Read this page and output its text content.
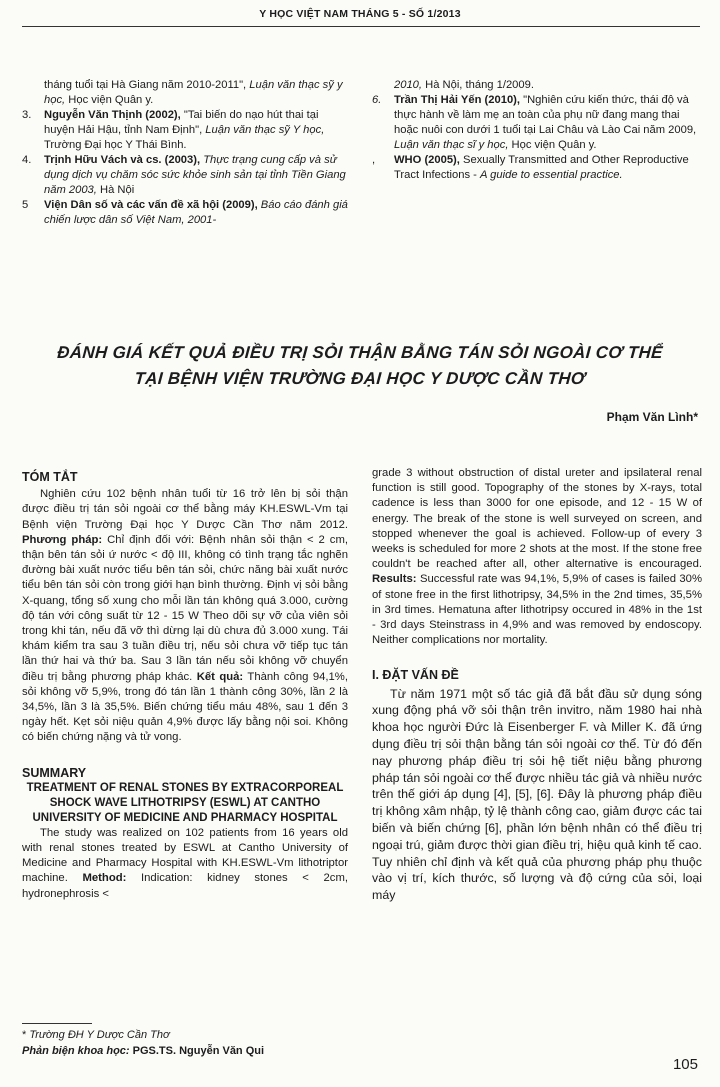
Y HỌC VIỆT NAM THÁNG 5 - SỐ 1/2013
tháng tuổi tại Hà Giang năm 2010-2011", Luận văn thạc sỹ y học, Học viện Quân y.
3. Nguyễn Văn Thịnh (2002), "Tai biến do nạo hút thai tại huyện Hải Hậu, tỉnh Nam Định", Luận văn thạc sỹ Y học, Trường Đại học Y Thái Bình.
4. Trịnh Hữu Vách và cs. (2003), Thực trạng cung cấp và sử dụng dịch vụ chăm sóc sức khỏe sinh sản tại tỉnh Tiền Giang năm 2003, Hà Nội
5 Viện Dân số và các vấn đề xã hội (2009), Báo cáo đánh giá chiến lược dân số Việt Nam, 2001-
2010, Hà Nội, tháng 1/2009.
6. Trần Thị Hải Yến (2010), "Nghiên cứu kiến thức, thái độ và thực hành về làm mẹ an toàn của phụ nữ đang mang thai hoặc nuôi con dưới 1 tuổi tại Lai Châu và Lào Cai năm 2009, Luận văn thạc sĩ y học, Học viện Quân y.
, WHO (2005), Sexually Transmitted and Other Reproductive Tract Infections - A guide to essential practice.
ĐÁNH GIÁ KẾT QUẢ ĐIỀU TRỊ SỎI THẬN BẰNG TÁN SỎI NGOÀI CƠ THỂ
TẠI BỆNH VIỆN TRƯỜNG ĐẠI HỌC Y DƯỢC CẦN THƠ
Phạm Văn Lình*
TÓM TẮT

Nghiên cứu 102 bệnh nhân tuổi từ 16 trở lên bị sỏi thận được điều trị tán sỏi ngoài cơ thể bằng máy KH.ESWL-Vm tại Bệnh viện Trường Đại học Y Dược Cần Thơ năm 2012. Phương pháp: Chỉ định đối với: Bệnh nhân sỏi thận < 2 cm, thận bên tán sỏi ứ nước < độ III, không có tình trạng tắc nghẽn đường bài xuất nước tiểu bên tán sỏi, chức năng bài xuất nước tiểu bên tán sỏi còn trong giới hạn bình thường. Định vị sỏi bằng X-quang, tổng số xung cho mỗi lần tán không quá 3.000, cường độ tán với công suất từ 12 - 15 W Theo dõi sự vỡ của viên sỏi trong khi tán, nếu đã vỡ thì dừng lại dù chưa đủ 3.000 xung. Tái khám kiểm tra sau 3 tuần điều trị, nếu sỏi chưa vỡ tiếp tục tán lần thứ hai và thứ ba. Sau 3 lần tán nếu sỏi không vỡ chuyển điều trị bằng phương pháp khác. Kết quả: Thành công 94,1%, sỏi không vỡ 5,9%, trong đó tán lần 1 thành công 30%, lần 2 là 34,5%, lần 3 là 35,5%. Biến chứng tiểu máu 48%, sau 1 đến 3 ngày hết. Kẹt sỏi niệu quản 4,9% được lấy bằng nội soi. Không có biến chứng nặng và tử vong.

SUMMARY
TREATMENT OF RENAL STONES BY EXTRACORPOREAL SHOCK WAVE LITHOTRIPSY (ESWL) AT CANTHO UNIVERSITY OF MEDICINE AND PHARMACY HOSPITAL

The study was realized on 102 patients from 16 years old with renal stones treated by ESWL at Cantho University of Medicine and Pharmacy Hospital with KH.ESWL-Vm lithotriptor machine. Method: Indication: kidney stones < 2cm, hydronephrosis <

grade 3 without obstruction of distal ureter and ipsilateral renal function is still good. Topography of the stones by X-rays, total cadence is less than 3000 for one episode, and 12 - 15 W of energy. The break of the stone is well surveyed on screen, and stopped whenever the goal is achieved. Follow-up of every 3 weeks is scheduled for more 2 shots at the most. If the stone free couldn't be reached after all, other alternative is encouraged. Results: Successful rate was 94,1%, 5,9% of cases is failed 30% of stone free in the first lithotripsy, 34,5% in the 2nd times, 35,5% in 3rd times. Hematuna after lithotripsy occured in 48% in the 1st - 3rd days Steinstrass in 4,9% and was removed by endoscopy. Neither complications nor mortality.

I. ĐẶT VẤN ĐỀ

Từ năm 1971 một số tác giả đã bắt đầu sử dụng sóng xung động phá vỡ sỏi thận trên invitro, năm 1980 hai nhà khoa học người Đức là Eisenberger F. và Miller K. đã ứng dụng điều trị sỏi thận bằng tán sỏi ngoài cơ thể. Từ đó đến nay phương pháp điều trị sỏi hệ tiết niệu bằng phương pháp tán sỏi ngoài cơ thể được nhiều tác giả và nhiều nước trên thế giới áp dụng [4], [5], [6]. Đây là phương pháp điều trị không xâm nhập, tỷ lệ thành công cao, giảm được các tai biến và biến chứng [6], phần lớn bệnh nhân có thể điều trị ngoại trú, giảm được thời gian điều trị, hiệu quả kinh tế cao. Tuy nhiên chỉ định và kết quả của phương pháp phụ thuộc vào vị trí, kích thước, số lượng và độ cứng của sỏi, loại máy

* Trường ĐH Y Dược Cần Thơ
Phản biện khoa học: PGS.TS. Nguyễn Văn Qui
105
